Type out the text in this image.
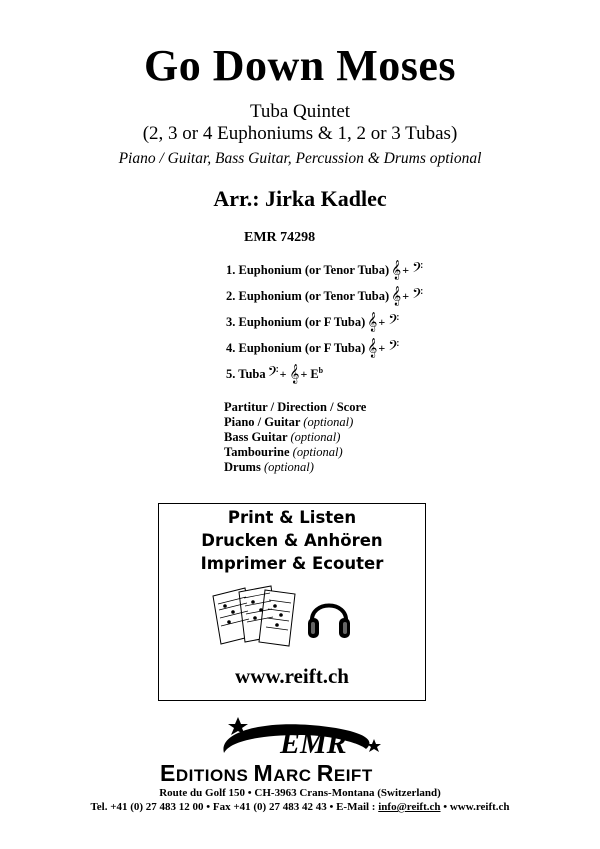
Go Down Moses
Tuba Quintet
(2, 3 or 4 Euphoniums & 1, 2 or 3 Tubas)
Piano / Guitar, Bass Guitar, Percussion & Drums optional
Arr.: Jirka Kadlec
EMR 74298
1. Euphonium (or Tenor Tuba) 𝄞 + 𝄢
2. Euphonium (or Tenor Tuba) 𝄞 + 𝄢
3. Euphonium (or F Tuba) 𝄞 + 𝄢
4. Euphonium (or F Tuba) 𝄞 + 𝄢
5. Tuba 𝄢 + 𝄞 + $E^b$
Partitur / Direction / Score
Piano / Guitar (optional)
Bass Guitar (optional)
Tambourine (optional)
Drums (optional)
Print & Listen
Drucken & Anhören
Imprimer & Ecouter
www.reift.ch
EMR
EDITIONS MARC REIFT
Route du Golf 150 • CH-3963 Crans-Montana (Switzerland)
Tel. +41 (0) 27 483 12 00 • Fax +41 (0) 27 483 42 43 • E-Mail : info@reift.ch • www.reift.ch
